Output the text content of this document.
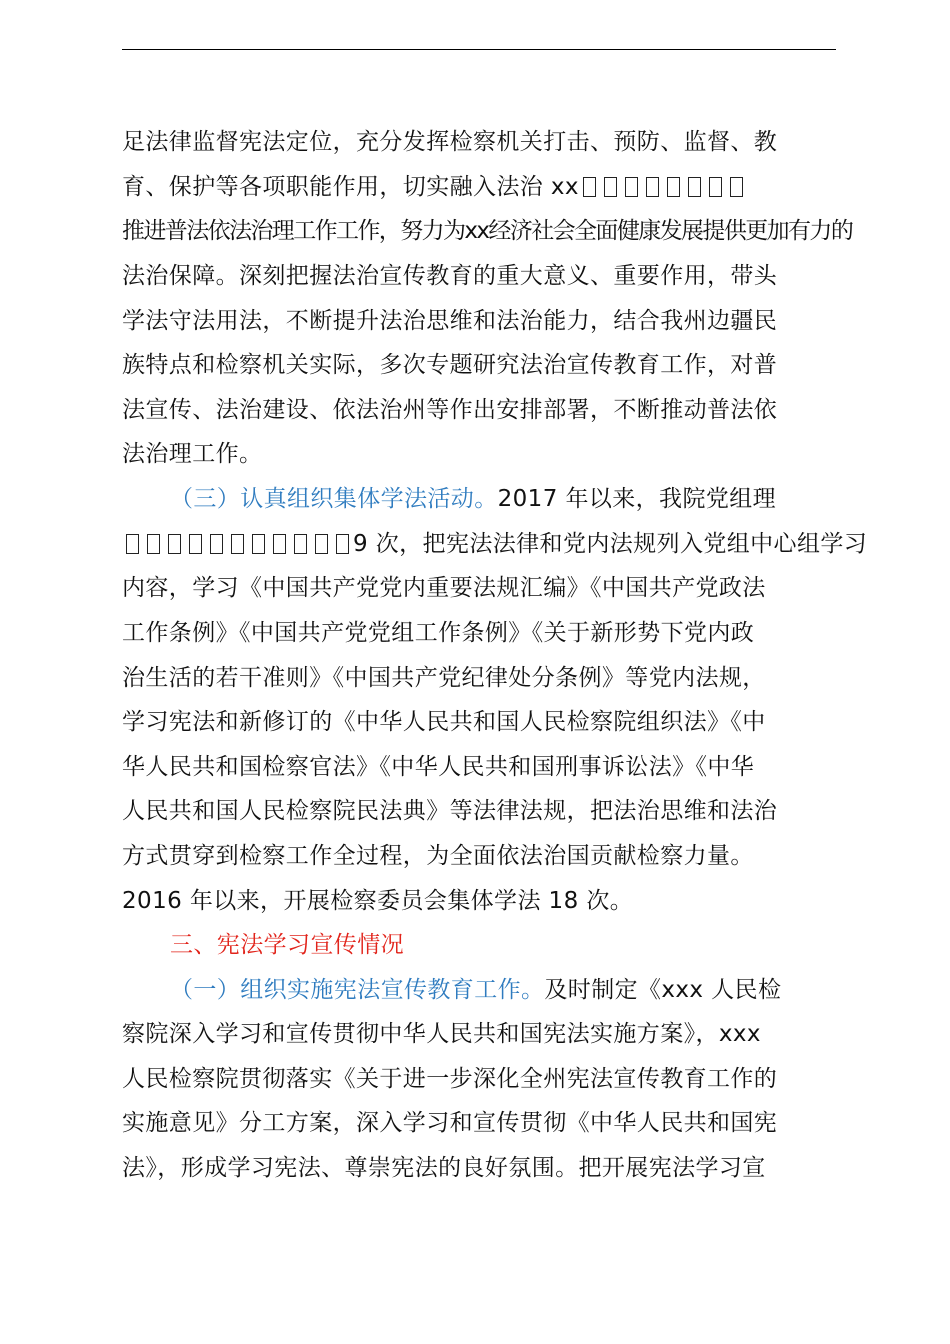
足法律监督宪法定位，充分发挥检察机关打击、预防、监督、教
育、保护等各项职能作用，切实融入法治 xx
推进普法依法治理工作工作，努力为xx经济社会全面健康发展提供更加有力的
法治保障。深刻把握法治宣传教育的重大意义、重要作用，带头
学法守法用法，不断提升法治思维和法治能力，结合我州边疆民
族特点和检察机关实际，多次专题研究法治宣传教育工作，对普
法宣传、法治建设、依法治州等作出安排部署，不断推动普法依
法治理工作。

（三）认真组织集体学法活动。2017 年以来，我院党组理
9 次，把宪法法律和党内法规列入党组中心组学习
内容，学习《中国共产党党内重要法规汇编》《中国共产党政法
工作条例》《中国共产党党组工作条例》《关于新形势下党内政
治生活的若干准则》《中国共产党纪律处分条例》等党内法规，
学习宪法和新修订的《中华人民共和国人民检察院组织法》《中
华人民共和国检察官法》《中华人民共和国刑事诉讼法》《中华
人民共和国人民检察院民法典》等法律法规，把法治思维和法治
方式贯穿到检察工作全过程，为全面依法治国贡献检察力量。
2016 年以来，开展检察委员会集体学法 18 次。

三、宪法学习宣传情况

（一）组织实施宪法宣传教育工作。及时制定《xxx 人民检
察院深入学习和宣传贯彻中华人民共和国宪法实施方案》，xxx
人民检察院贯彻落实《关于进一步深化全州宪法宣传教育工作的
实施意见》分工方案，深入学习和宣传贯彻《中华人民共和国宪
法》，形成学习宪法、尊崇宪法的良好氛围。把开展宪法学习宣
